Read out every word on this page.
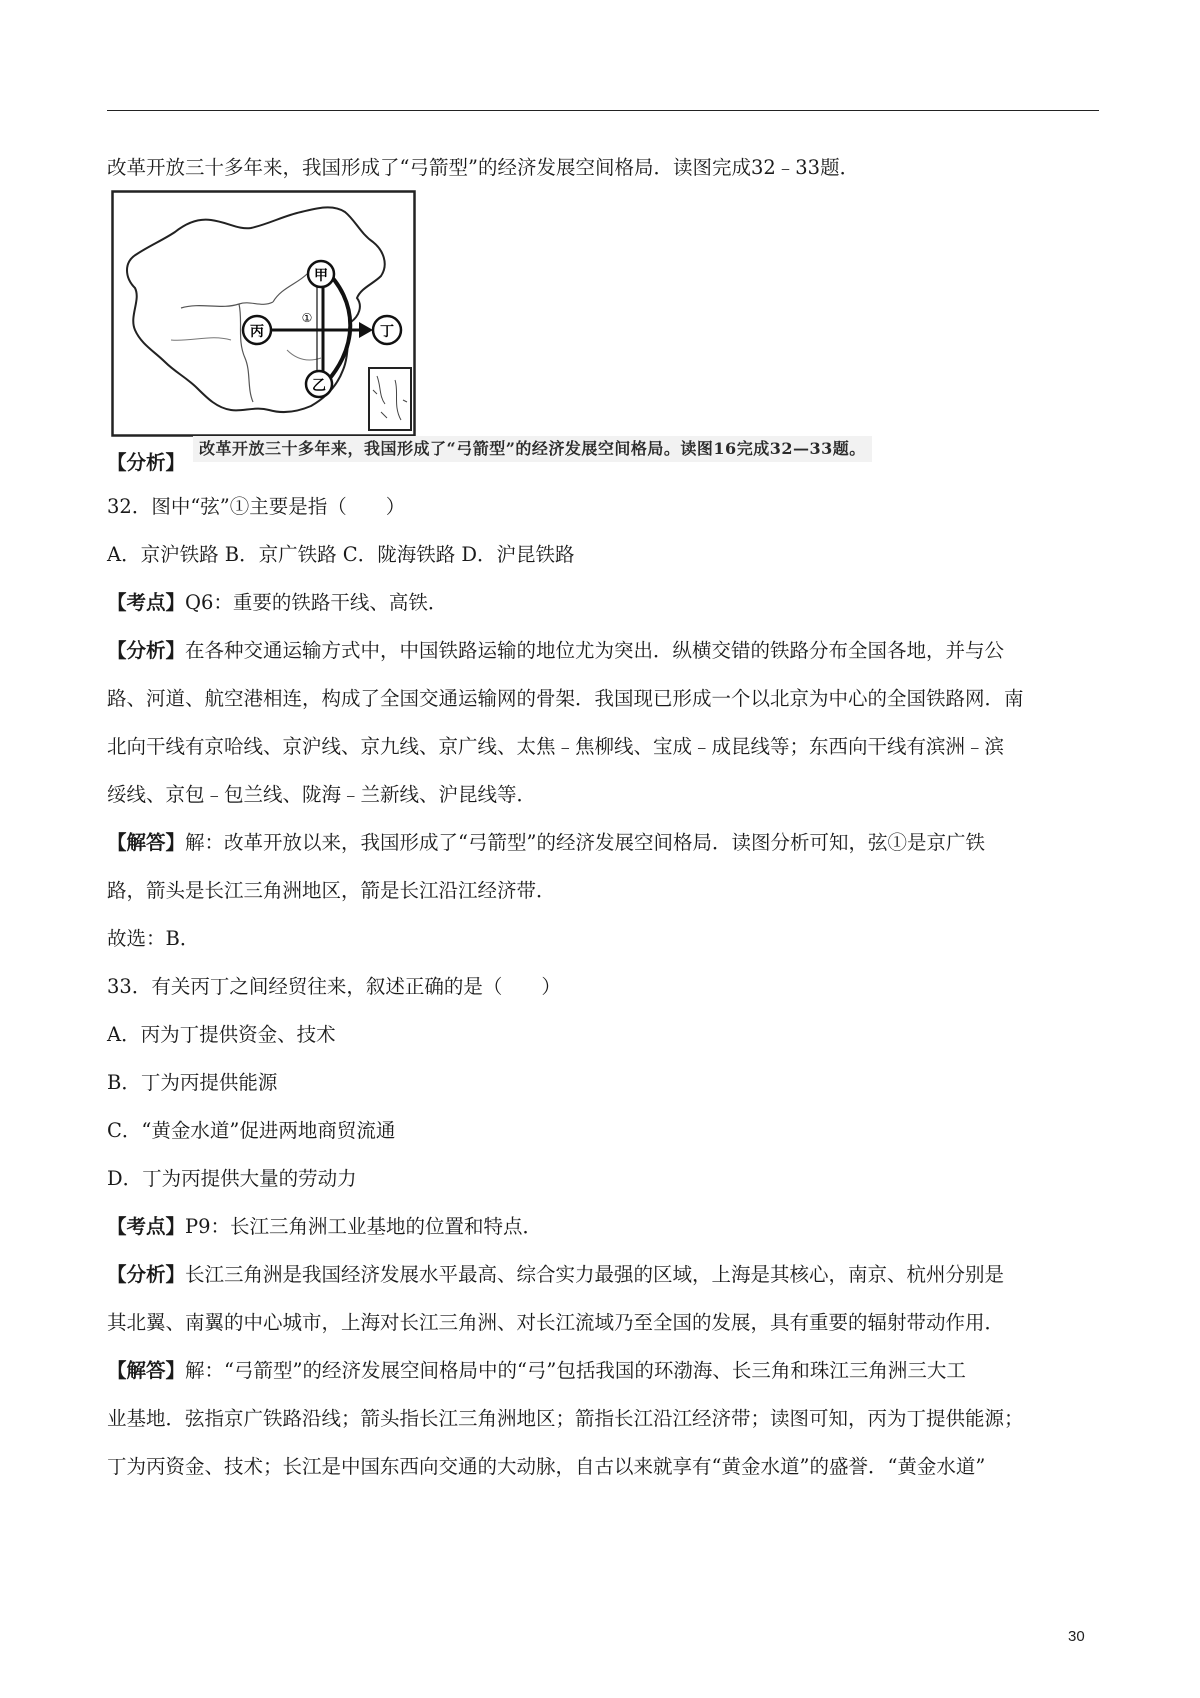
改革开放三十多年来，我国形成了“弓箭型”的经济发展空间格局．读图完成32﹣33题．

甲
乙
丙	丁
①
【分析】
改革开放三十多年来，我国形成了“弓箭型”的经济发展空间格局。读图16完成32—33题。

32．图中“弦”①主要是指（　　）

A．京沪铁路 B．京广铁路 C．陇海铁路 D．沪昆铁路

【考点】Q6：重要的铁路干线、高铁．

【分析】在各种交通运输方式中，中国铁路运输的地位尤为突出．纵横交错的铁路分布全国各地，并与公

路、河道、航空港相连，构成了全国交通运输网的骨架．我国现已形成一个以北京为中心的全国铁路网．南

北向干线有京哈线、京沪线、京九线、京广线、太焦﹣焦柳线、宝成﹣成昆线等；东西向干线有滨洲﹣滨

绥线、京包﹣包兰线、陇海﹣兰新线、沪昆线等．

【解答】解：改革开放以来，我国形成了“弓箭型”的经济发展空间格局．读图分析可知，弦①是京广铁

路，箭头是长江三角洲地区，箭是长江沿江经济带．

故选：B．

33．有关丙丁之间经贸往来，叙述正确的是（　　）

A．丙为丁提供资金、技术

B．丁为丙提供能源

C．“黄金水道”促进两地商贸流通

D．丁为丙提供大量的劳动力

【考点】P9：长江三角洲工业基地的位置和特点．

【分析】长江三角洲是我国经济发展水平最高、综合实力最强的区域，上海是其核心，南京、杭州分别是

其北翼、南翼的中心城市，上海对长江三角洲、对长江流域乃至全国的发展，具有重要的辐射带动作用．

【解答】解：“弓箭型”的经济发展空间格局中的“弓”包括我国的环渤海、长三角和珠江三角洲三大工

业基地．弦指京广铁路沿线；箭头指长江三角洲地区；箭指长江沿江经济带；读图可知，丙为丁提供能源；

丁为丙资金、技术；长江是中国东西向交通的大动脉，自古以来就享有“黄金水道”的盛誉．“黄金水道”

30
